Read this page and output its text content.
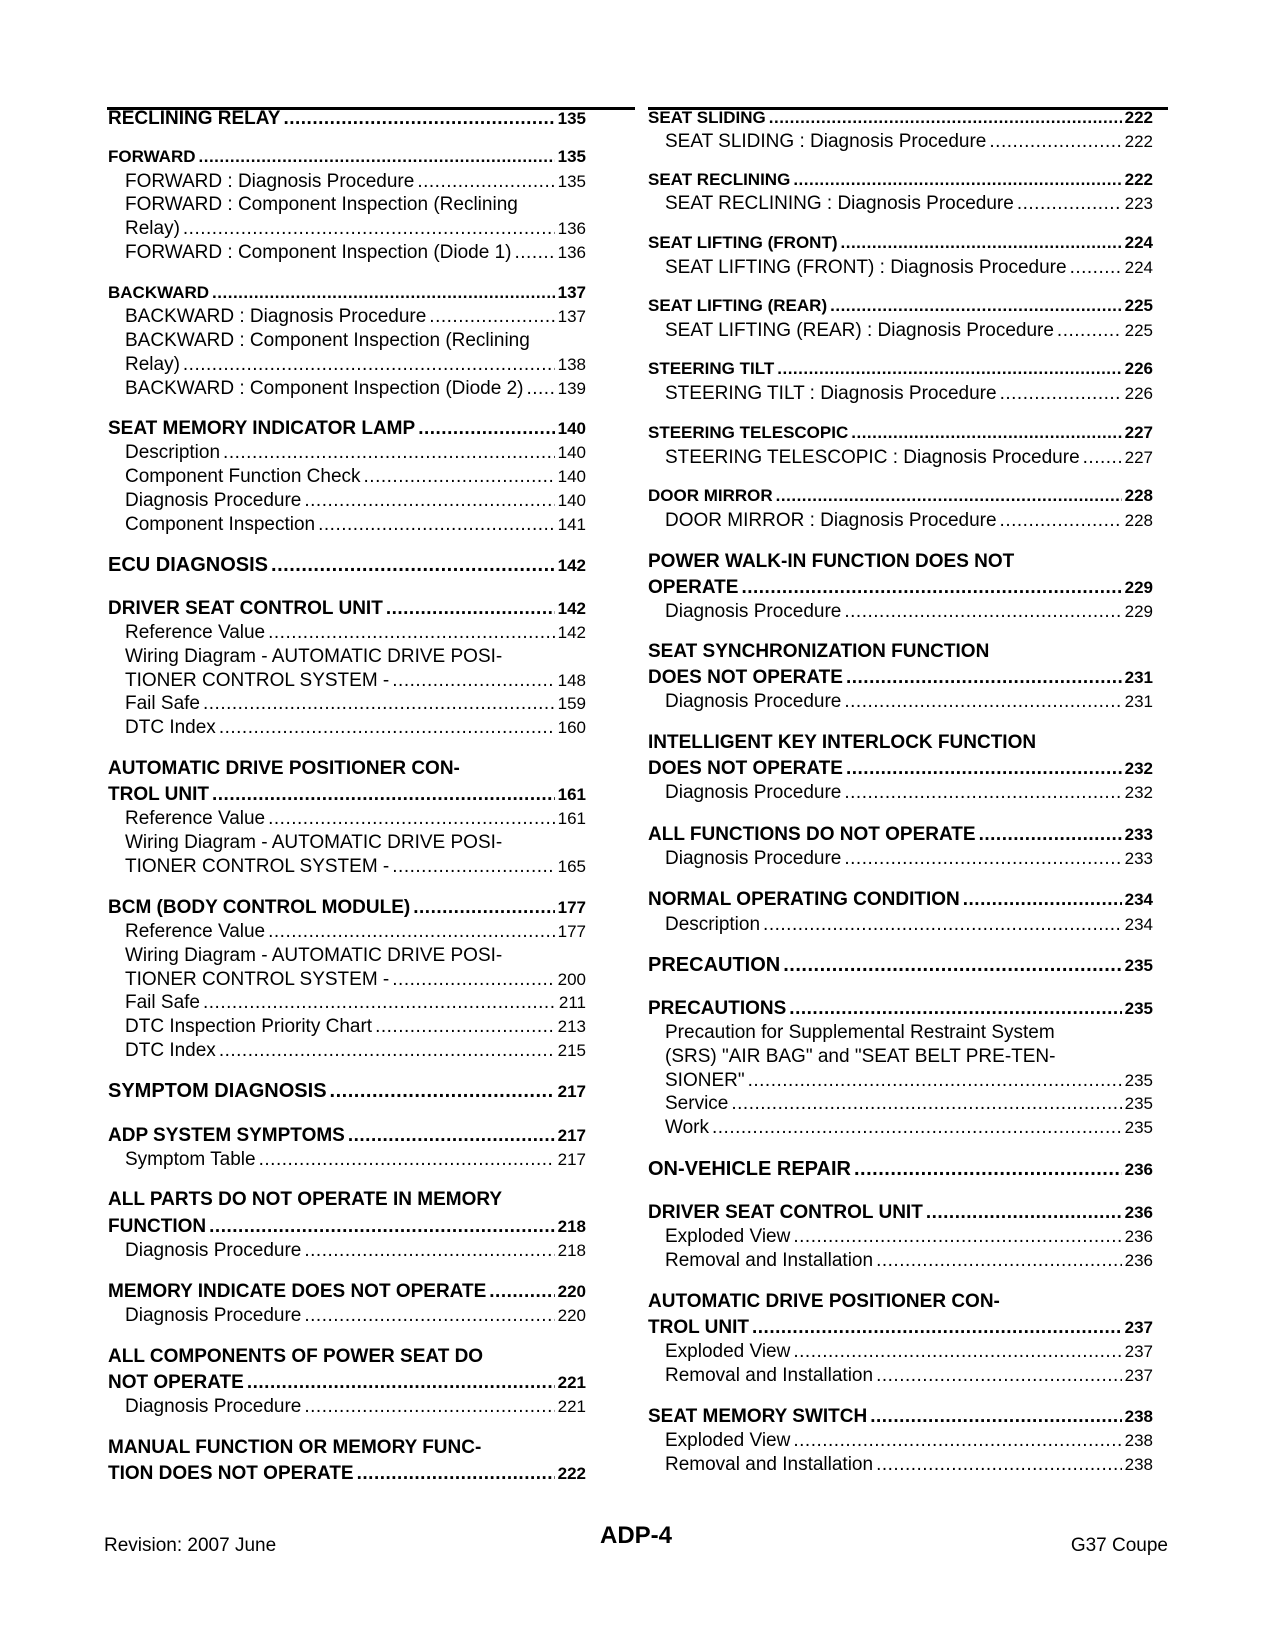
RECLINING RELAY .....	135
FORWARD .....	135
FORWARD : Diagnosis Procedure .....	135
FORWARD : Component Inspection (Reclining
Relay) .....	136
FORWARD : Component Inspection (Diode 1) .....	136
BACKWARD .....	137
BACKWARD : Diagnosis Procedure .....	137
BACKWARD : Component Inspection (Reclining
Relay) .....	138
BACKWARD : Component Inspection (Diode 2) ..... 139
SEAT MEMORY INDICATOR LAMP .....	140
Description .....	140
Component Function Check .....	140
Diagnosis Procedure .....	140
Component Inspection .....	141
ECU DIAGNOSIS .....	142
DRIVER SEAT CONTROL UNIT .....	142
Reference Value .....	142
Wiring Diagram - AUTOMATIC DRIVE POSI-
TIONER CONTROL SYSTEM - .....	148
Fail Safe .....	159
DTC Index .....	160
AUTOMATIC DRIVE POSITIONER CON-
TROL UNIT .....	161
Reference Value .....	161
Wiring Diagram - AUTOMATIC DRIVE POSI-
TIONER CONTROL SYSTEM - .....	165
BCM (BODY CONTROL MODULE) .....	177
Reference Value .....	177
Wiring Diagram - AUTOMATIC DRIVE POSI-
TIONER CONTROL SYSTEM - .....	200
Fail Safe .....	211
DTC Inspection Priority Chart .....	213
DTC Index .....	215
SYMPTOM DIAGNOSIS .....	217
ADP SYSTEM SYMPTOMS .....	217
Symptom Table .....	217
ALL PARTS DO NOT OPERATE IN MEMORY
FUNCTION .....	218
Diagnosis Procedure .....	218
MEMORY INDICATE DOES NOT OPERATE .....	220
Diagnosis Procedure .....	220
ALL COMPONENTS OF POWER SEAT DO
NOT OPERATE .....	221
Diagnosis Procedure .....	221
MANUAL FUNCTION OR MEMORY FUNC-
TION DOES NOT OPERATE .....	222
SEAT SLIDING .....	222
SEAT SLIDING : Diagnosis Procedure .....	222
SEAT RECLINING .....	222
SEAT RECLINING : Diagnosis Procedure .....	223
SEAT LIFTING (FRONT) .....	224
SEAT LIFTING (FRONT) : Diagnosis Procedure .....	224
SEAT LIFTING (REAR) .....	225
SEAT LIFTING (REAR) : Diagnosis Procedure .....	225
STEERING TILT .....	226
STEERING TILT : Diagnosis Procedure .....	226
STEERING TELESCOPIC .....	227
STEERING TELESCOPIC : Diagnosis Procedure .....	227
DOOR MIRROR .....	228
DOOR MIRROR : Diagnosis Procedure .....	228
POWER WALK-IN FUNCTION DOES NOT
OPERATE .....	229
Diagnosis Procedure .....	229
SEAT SYNCHRONIZATION FUNCTION
DOES NOT OPERATE .....	231
Diagnosis Procedure .....	231
INTELLIGENT KEY INTERLOCK FUNCTION
DOES NOT OPERATE .....	232
Diagnosis Procedure .....	232
ALL FUNCTIONS DO NOT OPERATE .....	233
Diagnosis Procedure .....	233
NORMAL OPERATING CONDITION .....	234
Description .....	234
PRECAUTION .....	235
PRECAUTIONS .....	235
Precaution for Supplemental Restraint System
(SRS) "AIR BAG" and "SEAT BELT PRE-TEN-
SIONER" .....	235
Service .....	235
Work .....	235
ON-VEHICLE REPAIR .....	236
DRIVER SEAT CONTROL UNIT .....	236
Exploded View .....	236
Removal and Installation .....	236
AUTOMATIC DRIVE POSITIONER CON-
TROL UNIT .....	237
Exploded View .....	237
Removal and Installation .....	237
SEAT MEMORY SWITCH .....	238
Exploded View .....	238
Removal and Installation .....	238
Revision: 2007 June	ADP-4	G37 Coupe
